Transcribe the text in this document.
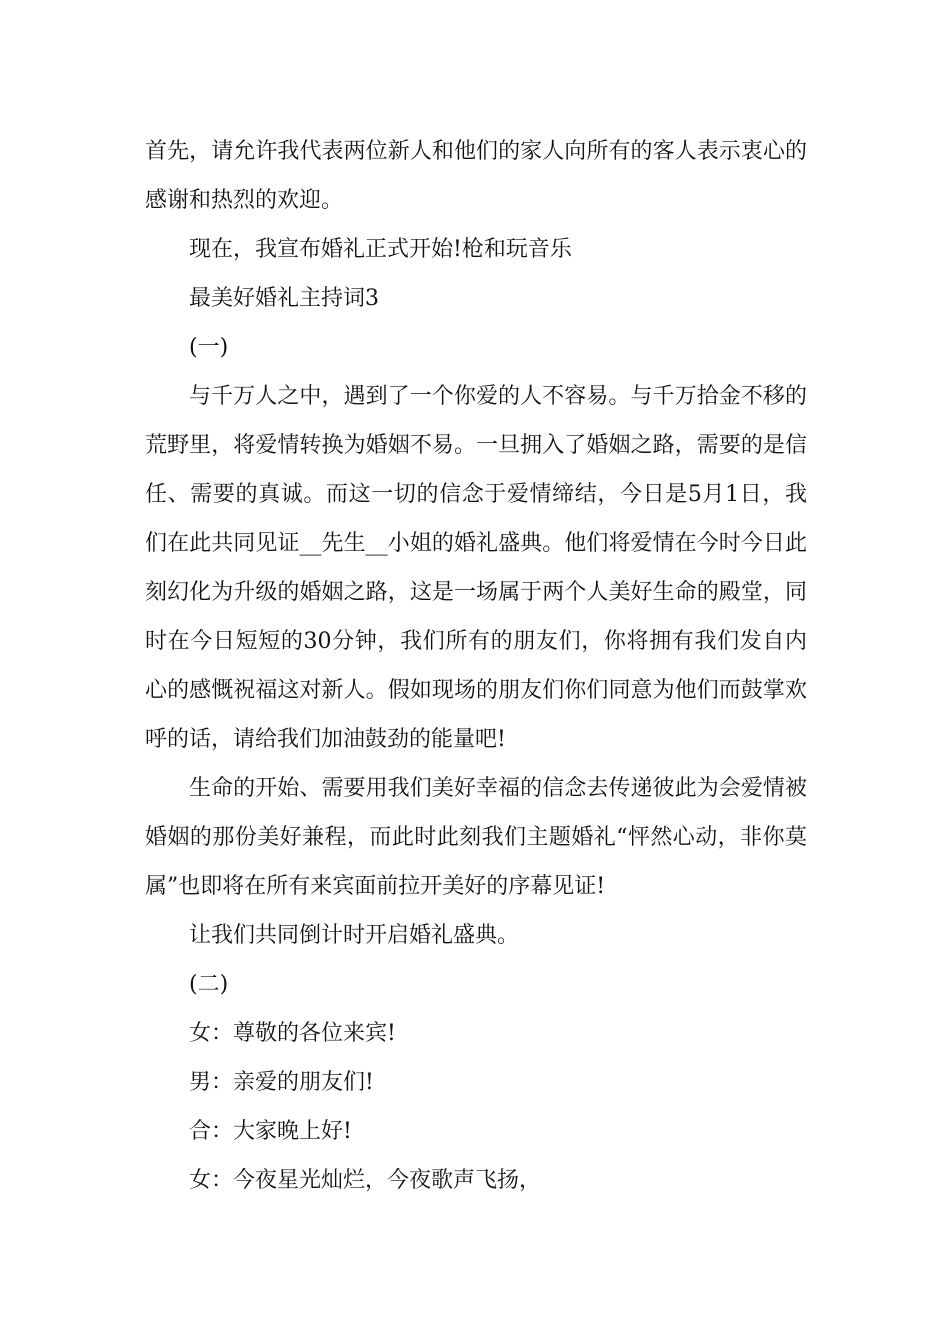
首先，请允许我代表两位新人和他们的家人向所有的客人表示衷心的感谢和热烈的欢迎。

现在，我宣布婚礼正式开始!枪和玩音乐

最美好婚礼主持词3

(一)

与千万人之中，遇到了一个你爱的人不容易。与千万拾金不移的荒野里，将爱情转换为婚姻不易。一旦拥入了婚姻之路，需要的是信任、需要的真诚。而这一切的信念于爱情缔结，今日是5月1日，我们在此共同见证__先生__小姐的婚礼盛典。他们将爱情在今时今日此刻幻化为升级的婚姻之路，这是一场属于两个人美好生命的殿堂，同时在今日短短的30分钟，我们所有的朋友们，你将拥有我们发自内心的感慨祝福这对新人。假如现场的朋友们你们同意为他们而鼓掌欢呼的话，请给我们加油鼓劲的能量吧!

生命的开始、需要用我们美好幸福的信念去传递彼此为会爱情被婚姻的那份美好兼程，而此时此刻我们主题婚礼“怦然心动，非你莫属”也即将在所有来宾面前拉开美好的序幕见证!

让我们共同倒计时开启婚礼盛典。

(二)

女：尊敬的各位来宾!

男：亲爱的朋友们!

合：大家晚上好!

女：今夜星光灿烂，今夜歌声飞扬，
